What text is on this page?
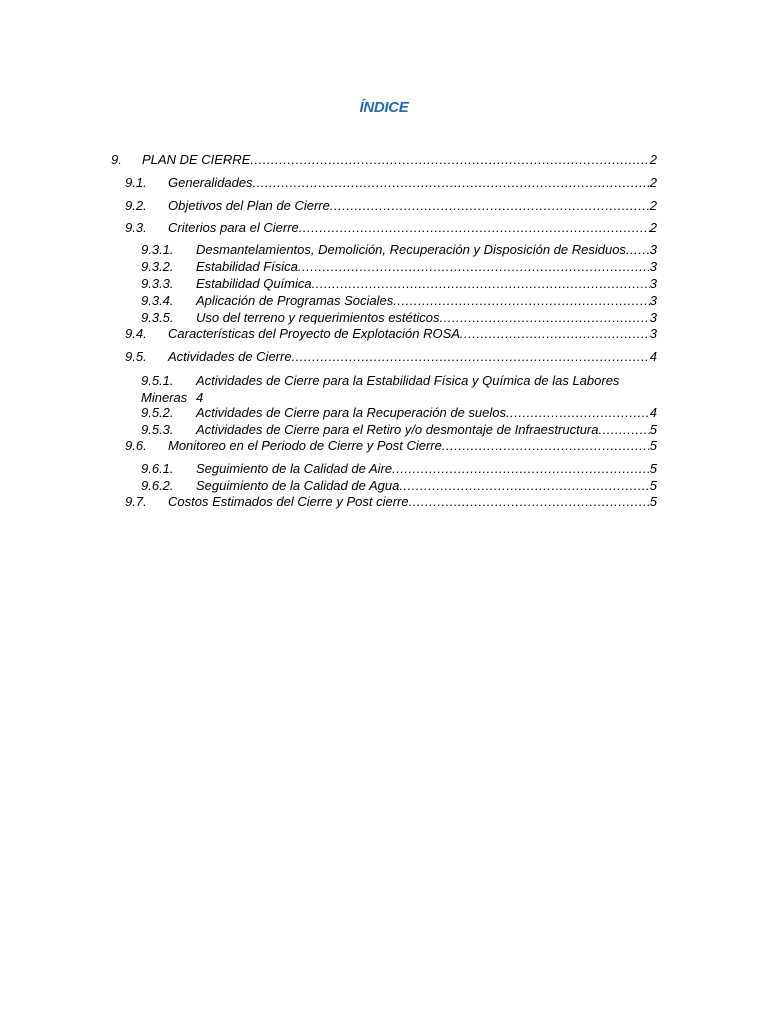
ÍNDICE
9. PLAN DE CIERRE .....	2
9.1. Generalidades .....	2
9.2. Objetivos del Plan de Cierre .....	2
9.3. Criterios para el Cierre .....	2
9.3.1. Desmantelamientos, Demolición, Recuperación y Disposición de Residuos ..... 3
9.3.2. Estabilidad Física .....	3
9.3.3. Estabilidad Química .....	3
9.3.4. Aplicación de Programas Sociales .....	3
9.3.5. Uso del terreno y requerimientos estéticos .....	3
9.4. Características del Proyecto de Explotación ROSA .....	3
9.5. Actividades de Cierre .....	4
9.5.1. Actividades de Cierre para la Estabilidad Física y Química de las Labores
Mineras 4
9.5.2. Actividades de Cierre para la Recuperación de suelos .....	4
9.5.3. Actividades de Cierre para el Retiro y/o desmontaje de Infraestructura .....	5
9.6. Monitoreo en el Periodo de Cierre y Post Cierre .....	5
9.6.1. Seguimiento de la Calidad de Aire .....	5
9.6.2. Seguimiento de la Calidad de Agua .....	5
9.7. Costos Estimados del Cierre y Post cierre .....	5
